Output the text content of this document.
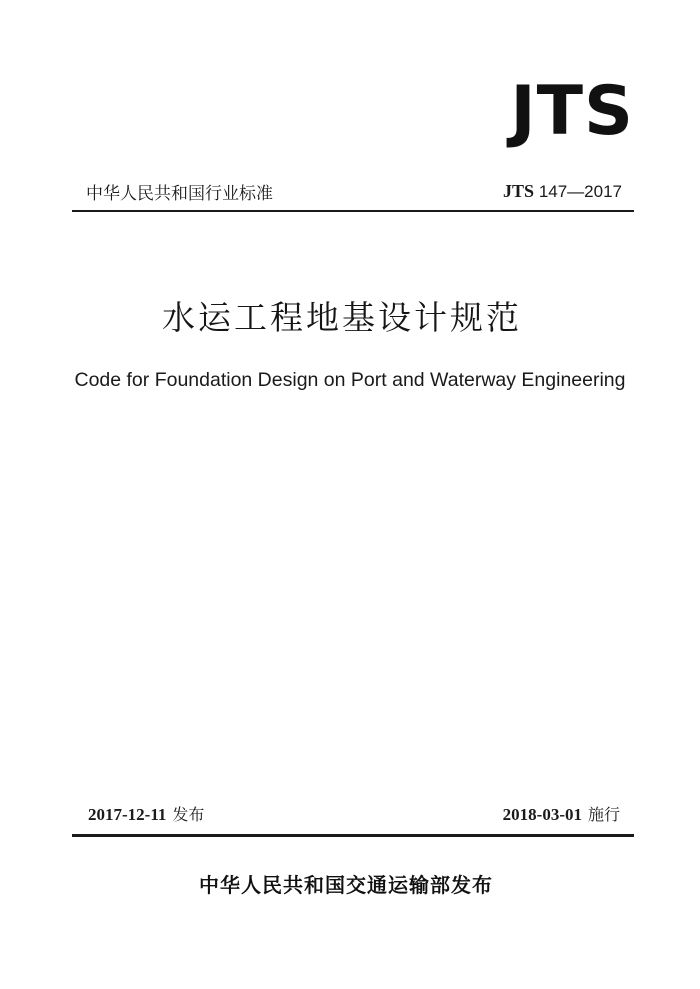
JTS
中华人民共和国行业标准	JTS 147—2017
水运工程地基设计规范
Code for Foundation Design on Port and Waterway Engineering
2017-12-11 发布	2018-03-01 施行
中华人民共和国交通运输部发布
